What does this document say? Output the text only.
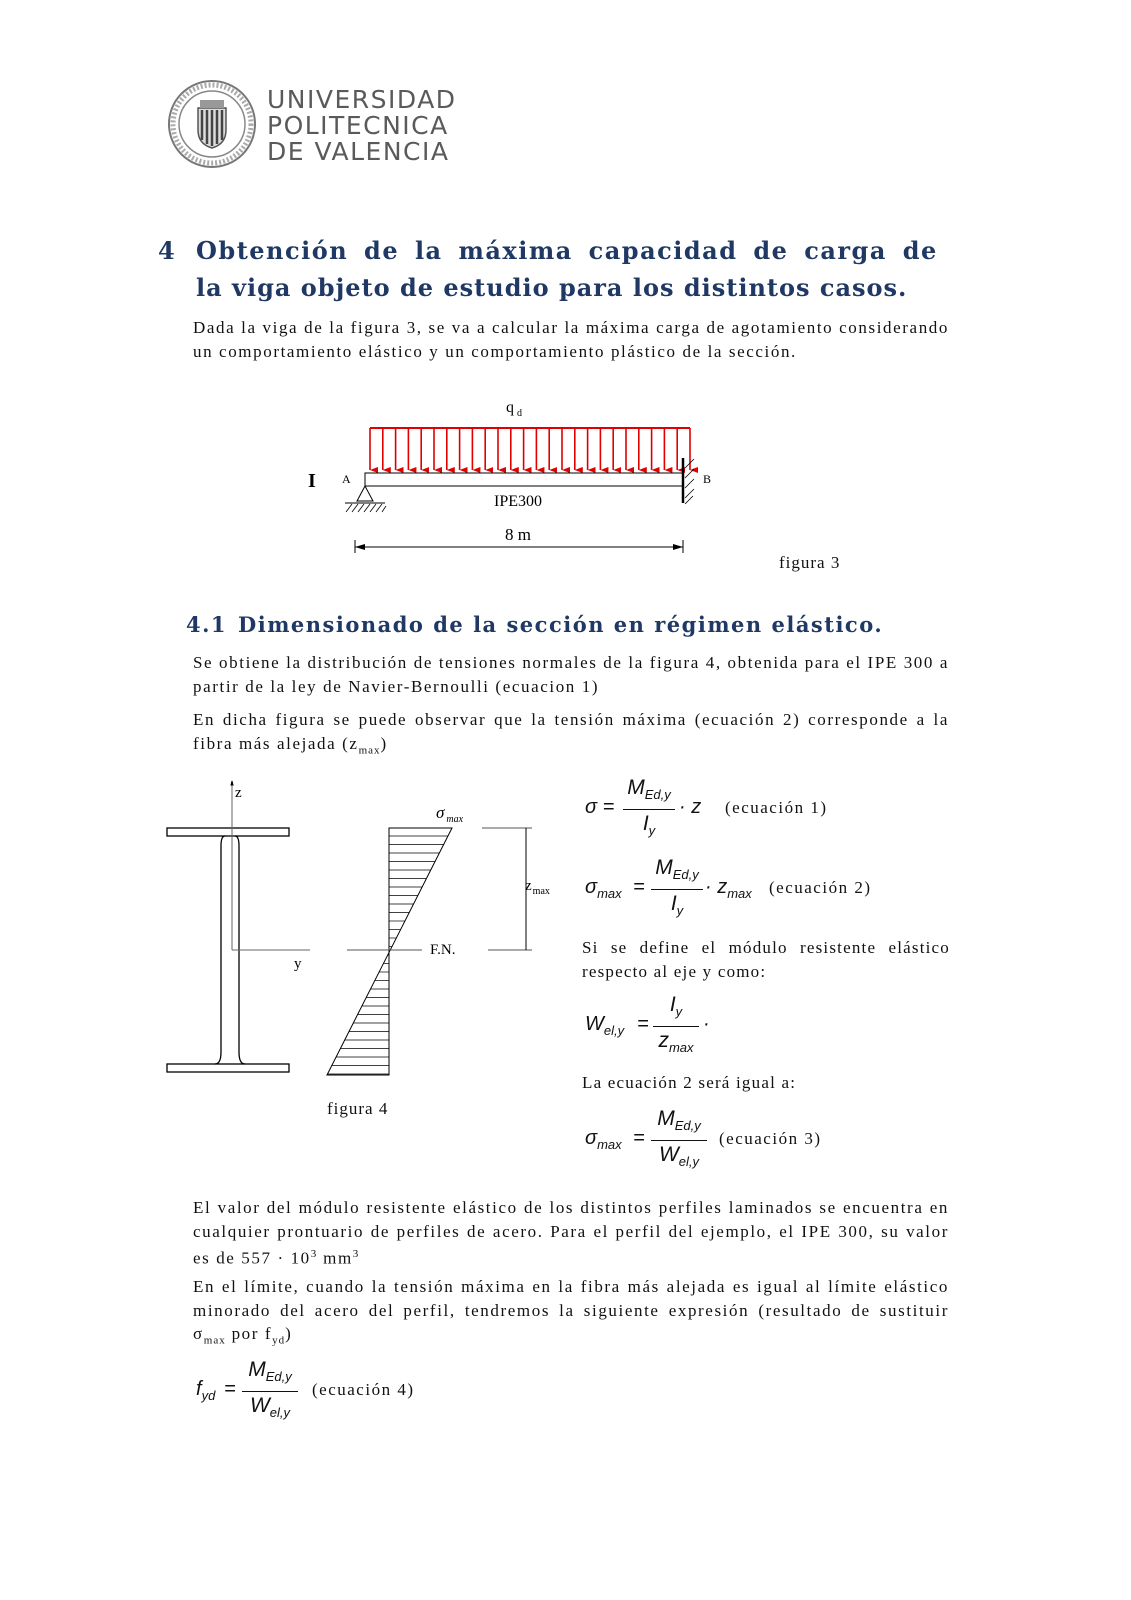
UNIVERSIDAD
POLITECNICA
DE VALENCIA
4 Obtención de la máxima capacidad de carga de
la viga objeto de estudio para los distintos casos.
Dada la viga de la figura 3, se va a calcular la máxima carga de agotamiento considerando un comportamiento elástico y un comportamiento plástico de la sección.
q $_d$
I A	B
IPE300
8 m
figura 3
4.1 Dimensionado de la sección en régimen elástico.
Se obtiene la distribución de tensiones normales de la figura 4, obtenida para el IPE 300 a partir de la ley de Navier-Bernoulli (ecuacion 1)
En dicha figura se puede observar que la tensión máxima (ecuación 2) corresponde a la fibra más alejada $(z_{max})$
z
y
F.N.
σ $_{max}$
$z_{max}$
figura 4
σ =
$M_{Ed,y}$
$I_y$
· z (ecuación 1)
$\sigma_{max}$ =
$M_{Ed,y}$
$I_y$
· $z_{max}$ (ecuación 2)
Si se define el módulo resistente elástico respecto al eje y como:
$W_{el,y}$ =
$I_y$
$z_{max}$
·
La ecuación 2 será igual a:
$\sigma_{max}$ =
$M_{Ed,y}$
$W_{el,y}$
(ecuación 3)
El valor del módulo resistente elástico de los distintos perfiles laminados se encuentra en cualquier prontuario de perfiles de acero. Para el perfil del ejemplo, el IPE 300, su valor es de $557 \cdot 10^3$ $mm^3$
En el límite, cuando la tensión máxima en la fibra más alejada es igual al límite elástico minorado del acero del perfil, tendremos la siguiente expresión (resultado de sustituir $\sigma_{max}$ por $f_{yd}$)
$f_{yd}$ =
$M_{Ed,y}$
$W_{el,y}$
(ecuación 4)
